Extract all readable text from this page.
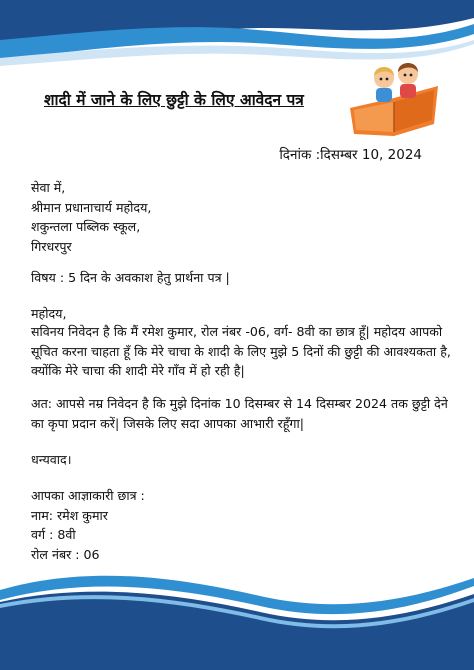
शादी में जाने के लिए छुट्टी के लिए आवेदन पत्र
दिनांक :दिसम्बर 10, 2024
सेवा में,
श्रीमान प्रधानाचार्य महोदय,
शकुन्तला पब्लिक स्कूल,
गिरधरपुर
विषय : 5 दिन के अवकाश हेतु प्रार्थना पत्र |
महोदय,
सविनय निवेदन है कि मैं रमेश कुमार, रोल नंबर -06, वर्ग- 8वी का छात्र हूँ| महोदय आपको सूचित करना चाहता हूँ कि मेरे चाचा के शादी के लिए मुझे 5 दिनों की छुट्टी की आवश्यकता है, क्योंकि मेरे चाचा की शादी मेरे गाँव में हो रही है|
अत: आपसे नम्र निवेदन है कि मुझे दिनांक 10 दिसम्बर से 14 दिसम्बर 2024 तक छुट्टी देने का कृपा प्रदान करें| जिसके लिए सदा आपका आभारी रहूँगा|
धन्यवाद।
आपका आज्ञाकारी छात्र :
नाम: रमेश कुमार
वर्ग : 8वी
रोल नंबर : 06
